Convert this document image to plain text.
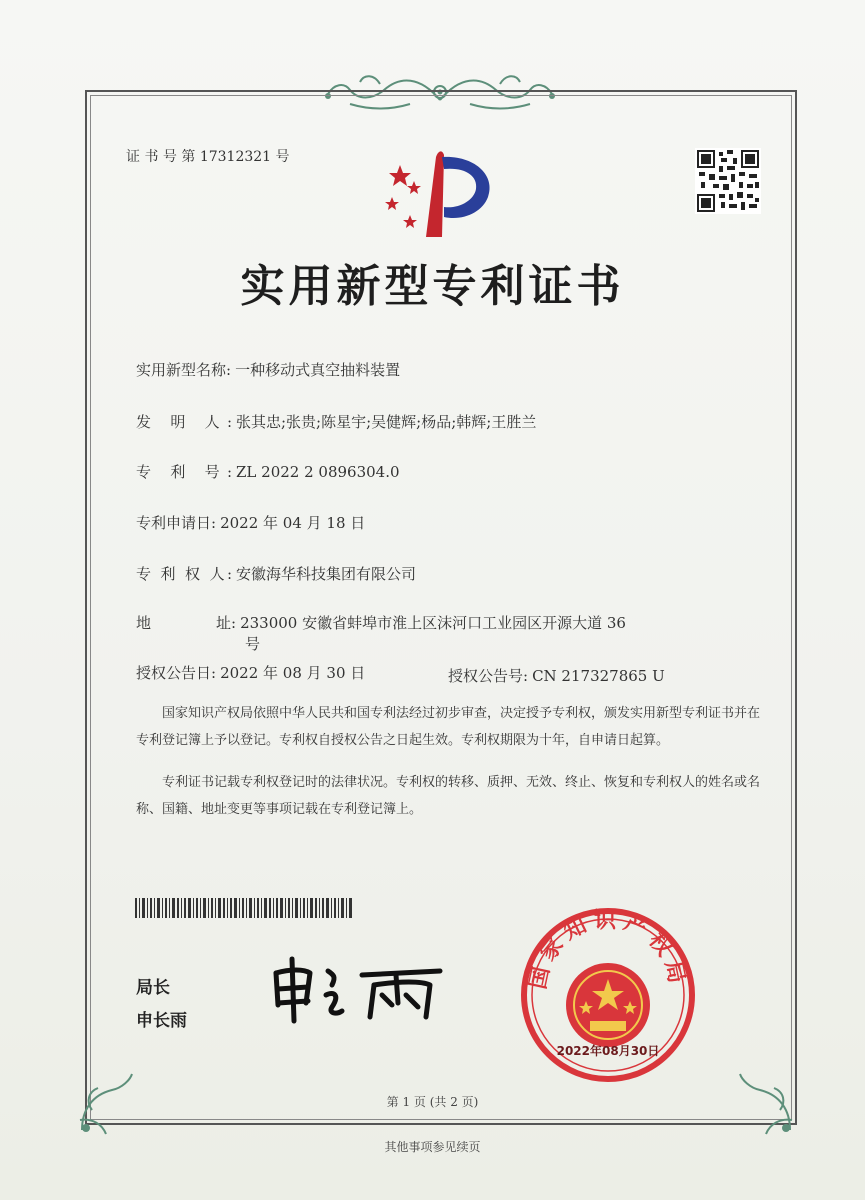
证 书 号 第 17312321 号
实用新型专利证书
实用新型名称: 一种移动式真空抽料装置
发 明 人: 张其忠;张贵;陈星宇;吴健辉;杨品;韩辉;王胜兰
专 利 号: ZL 2022 2 0896304.0
专利申请日: 2022 年 04 月 18 日
专 利 权 人: 安徽海华科技集团有限公司
地	址: 233000 安徽省蚌埠市淮上区沫河口工业园区开源大道 36
号
授权公告日: 2022 年 08 月 30 日	授权公告号: CN 217327865 U
国家知识产权局依照中华人民共和国专利法经过初步审查，决定授予专利权，颁发实用新型专利证书并在专利登记簿上予以登记。专利权自授权公告之日起生效。专利权期限为十年，自申请日起算。
专利证书记载专利权登记时的法律状况。专利权的转移、质押、无效、终止、恢复和专利权人的姓名或名称、国籍、地址变更等事项记载在专利登记簿上。
局长
申长雨
国家知识产权局
2022年08月30日
第 1 页 (共 2 页)
其他事项参见续页
